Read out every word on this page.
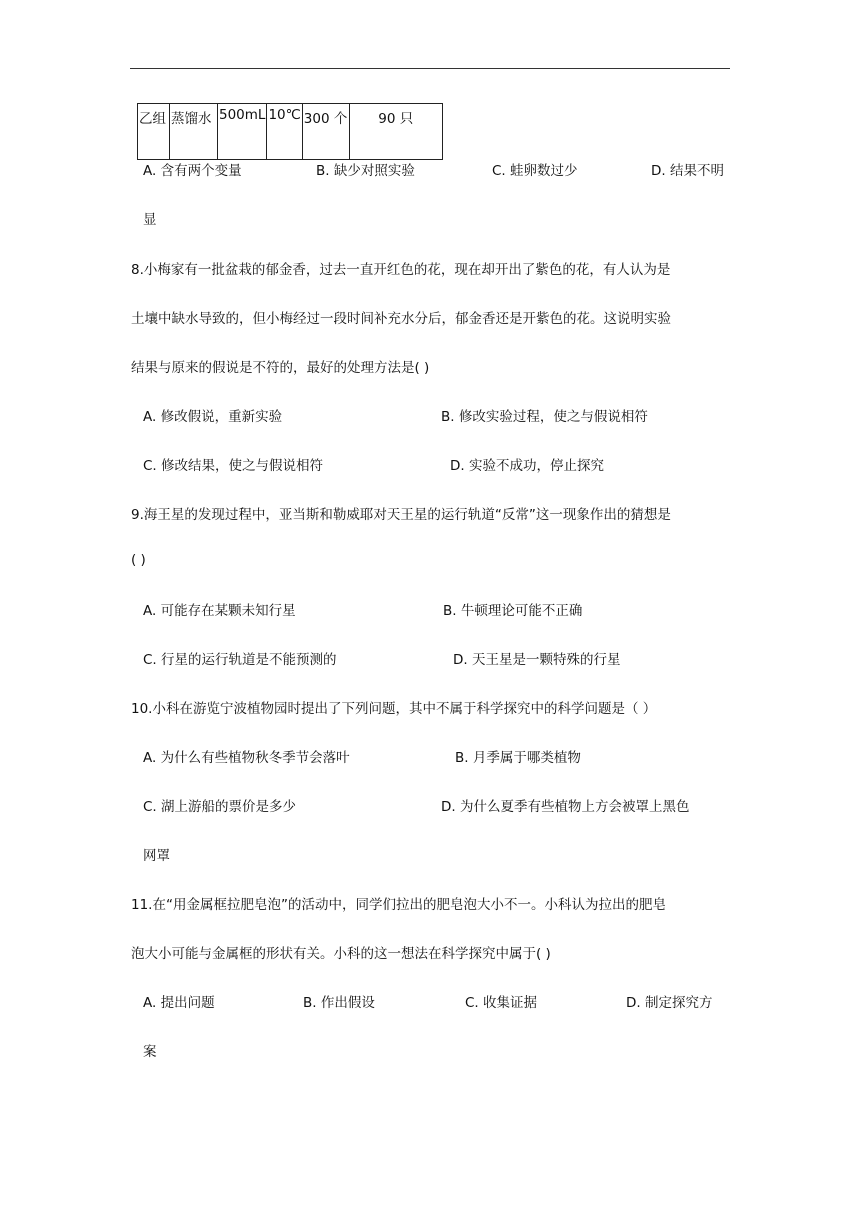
乙组	蒸馏水	500mL	10℃	300 个	90 只
A. 含有两个变量	B. 缺少对照实验	C. 蛙卵数过少	D. 结果不明
显
8.小梅家有一批盆栽的郁金香，过去一直开红色的花，现在却开出了紫色的花，有人认为是
土壤中缺水导致的，但小梅经过一段时间补充水分后，郁金香还是开紫色的花。这说明实验
结果与原来的假说是不符的，最好的处理方法是( )
A. 修改假说，重新实验	B. 修改实验过程，使之与假说相符
C. 修改结果，使之与假说相符	D. 实验不成功，停止探究
9.海王星的发现过程中，亚当斯和勒威耶对天王星的运行轨道“反常”这一现象作出的猜想是
( )
A. 可能存在某颗未知行星	B. 牛顿理论可能不正确
C. 行星的运行轨道是不能预测的	D. 天王星是一颗特殊的行星
10.小科在游览宁波植物园时提出了下列问题，其中不属于科学探究中的科学问题是（ ）
A. 为什么有些植物秋冬季节会落叶	B. 月季属于哪类植物
C. 湖上游船的票价是多少	D. 为什么夏季有些植物上方会被罩上黑色
网罩
11.在“用金属框拉肥皂泡”的活动中，同学们拉出的肥皂泡大小不一。小科认为拉出的肥皂
泡大小可能与金属框的形状有关。小科的这一想法在科学探究中属于( )
A. 提出问题	B. 作出假设	C. 收集证据	D. 制定探究方
案
